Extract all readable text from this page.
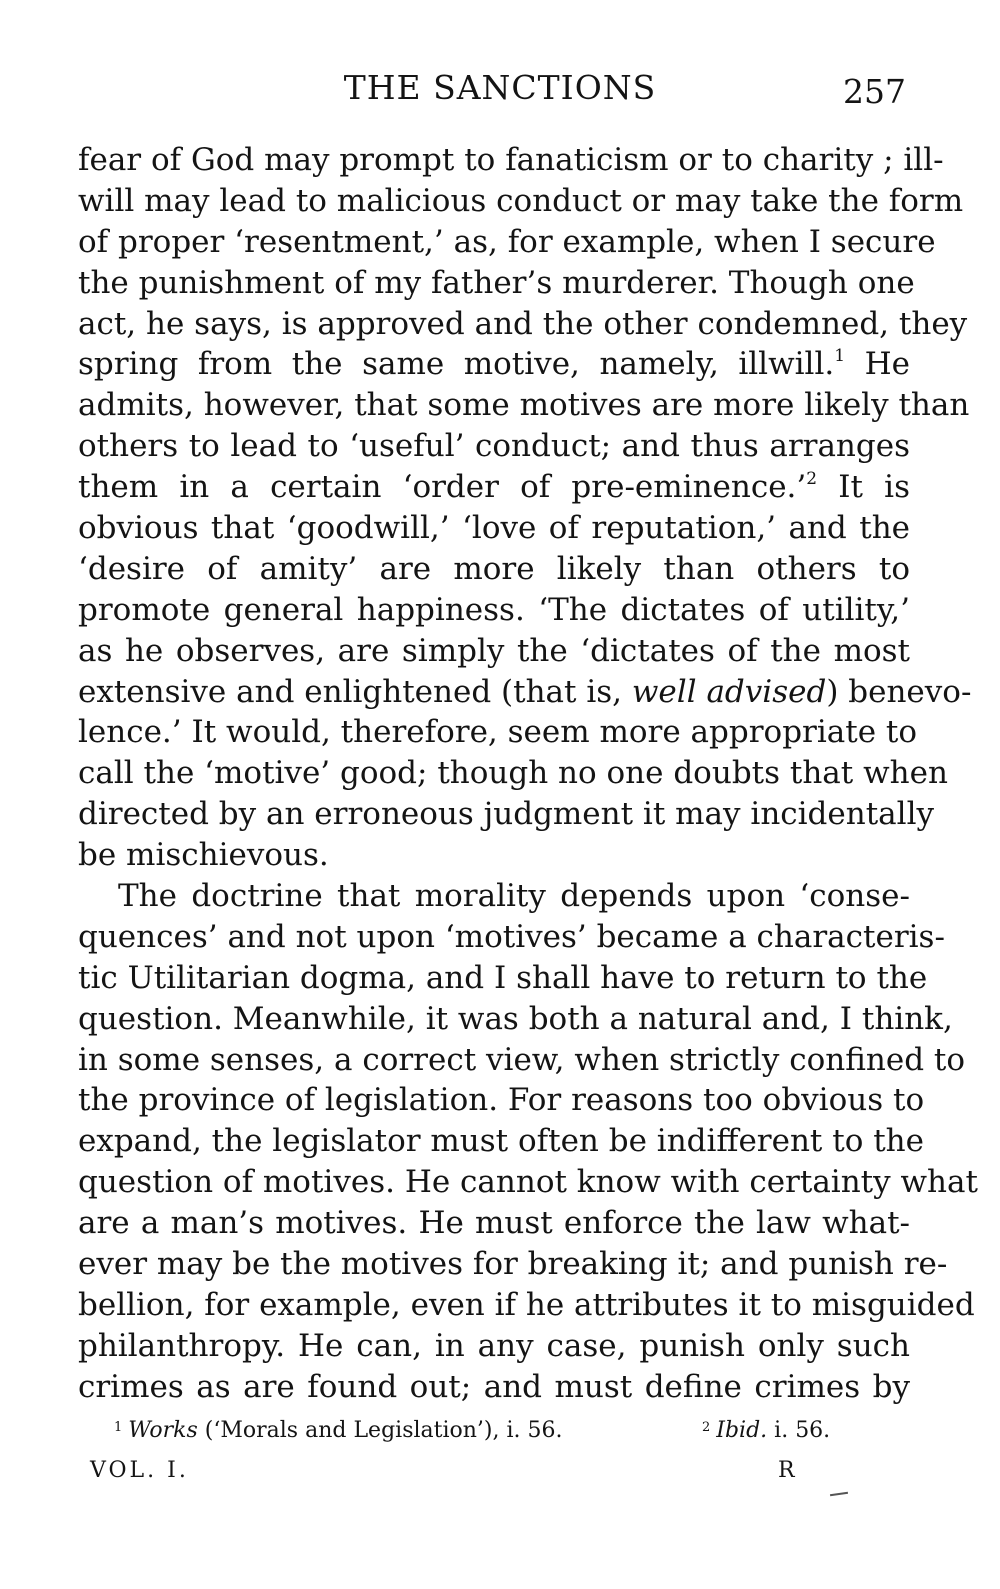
THE SANCTIONS	257
fear of God may prompt to fanaticism or to charity ; ill-
will may lead to malicious conduct or may take the form
of proper ‘resentment,’ as, for example, when I secure
the punishment of my father’s murderer. Though one
act, he says, is approved and the other condemned, they
spring from the same motive, namely, illwill.$^1$ He
admits, however, that some motives are more likely than
others to lead to ‘useful’ conduct; and thus arranges
them in a certain ‘order of pre-eminence.’$^2$ It is
obvious that ‘goodwill,’ ‘love of reputation,’ and the
‘desire of amity’ are more likely than others to
promote general happiness. ‘The dictates of utility,’
as he observes, are simply the ‘dictates of the most
extensive and enlightened (that is, well advised) benevo-
lence.’ It would, therefore, seem more appropriate to
call the ‘motive’ good; though no one doubts that when
directed by an erroneous judgment it may incidentally
be mischievous.
The doctrine that morality depends upon ‘conse-
quences’ and not upon ‘motives’ became a characteris-
tic Utilitarian dogma, and I shall have to return to the
question. Meanwhile, it was both a natural and, I think,
in some senses, a correct view, when strictly confined to
the province of legislation. For reasons too obvious to
expand, the legislator must often be indifferent to the
question of motives. He cannot know with certainty what
are a man’s motives. He must enforce the law what-
ever may be the motives for breaking it; and punish re-
bellion, for example, even if he attributes it to misguided
philanthropy. He can, in any case, punish only such
crimes as are found out; and must define crimes by
$^1$ Works (‘Morals and Legislation’), i. 56.	$^2$ Ibid. i. 56.
VOL. I.	R
